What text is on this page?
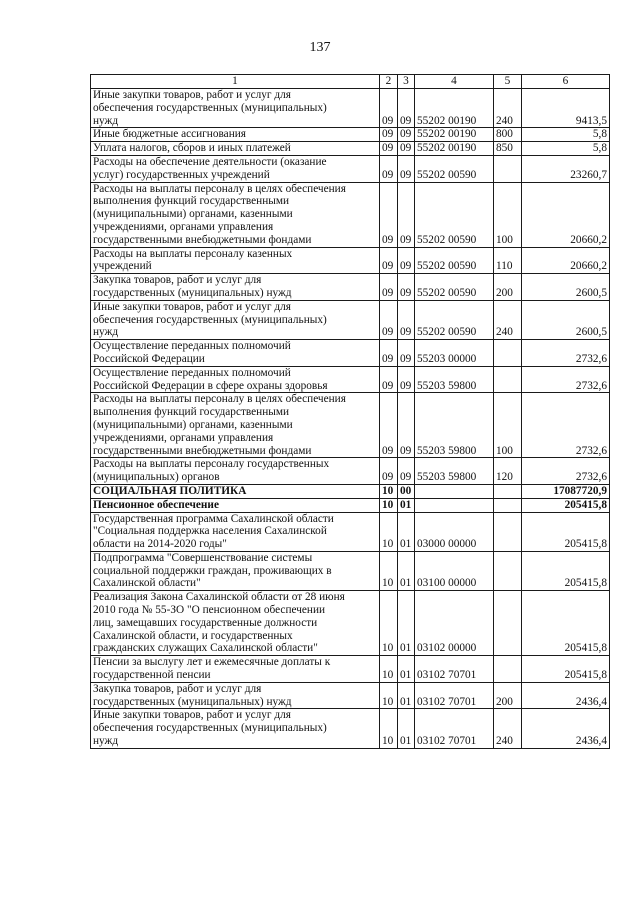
137
1	2	3	4	5	6
Иные закупки товаров, работ и услуг для
обеспечения государственных (муниципальных)
нужд	09	09	55202 00190	240	9413,5
Иные бюджетные ассигнования	09	09	55202 00190	800	5,8
Уплата налогов, сборов и иных платежей	09	09	55202 00190	850	5,8
Расходы на обеспечение деятельности (оказание
услуг) государственных учреждений	09	09	55202 00590		23260,7
Расходы на выплаты персоналу в целях обеспечения
выполнения функций государственными
(муниципальными) органами, казенными
учреждениями, органами управления
государственными внебюджетными фондами	09	09	55202 00590	100	20660,2
Расходы на выплаты персоналу казенных
учреждений	09	09	55202 00590	110	20660,2
Закупка товаров, работ и услуг для
государственных (муниципальных) нужд	09	09	55202 00590	200	2600,5
Иные закупки товаров, работ и услуг для
обеспечения государственных (муниципальных)
нужд	09	09	55202 00590	240	2600,5
Осуществление переданных полномочий
Российской Федерации	09	09	55203 00000		2732,6
Осуществление переданных полномочий
Российской Федерации в сфере охраны здоровья	09	09	55203 59800		2732,6
Расходы на выплаты персоналу в целях обеспечения
выполнения функций государственными
(муниципальными) органами, казенными
учреждениями, органами управления
государственными внебюджетными фондами	09	09	55203 59800	100	2732,6
Расходы на выплаты персоналу государственных
(муниципальных) органов	09	09	55203 59800	120	2732,6
СОЦИАЛЬНАЯ ПОЛИТИКА	10	00			17087720,9
Пенсионное обеспечение	10	01			205415,8
Государственная программа Сахалинской области
"Социальная поддержка населения Сахалинской
области на 2014-2020 годы"	10	01	03000 00000		205415,8
Подпрограмма "Совершенствование системы
социальной поддержки граждан, проживающих в
Сахалинской области"	10	01	03100 00000		205415,8
Реализация Закона Сахалинской области от 28 июня
2010 года № 55-ЗО "О пенсионном обеспечении
лиц, замещавших государственные должности
Сахалинской области, и государственных
гражданских служащих Сахалинской области"	10	01	03102 00000		205415,8
Пенсии за выслугу лет и ежемесячные доплаты к
государственной пенсии	10	01	03102 70701		205415,8
Закупка товаров, работ и услуг для
государственных (муниципальных) нужд	10	01	03102 70701	200	2436,4
Иные закупки товаров, работ и услуг для
обеспечения государственных (муниципальных)
нужд	10	01	03102 70701	240	2436,4
